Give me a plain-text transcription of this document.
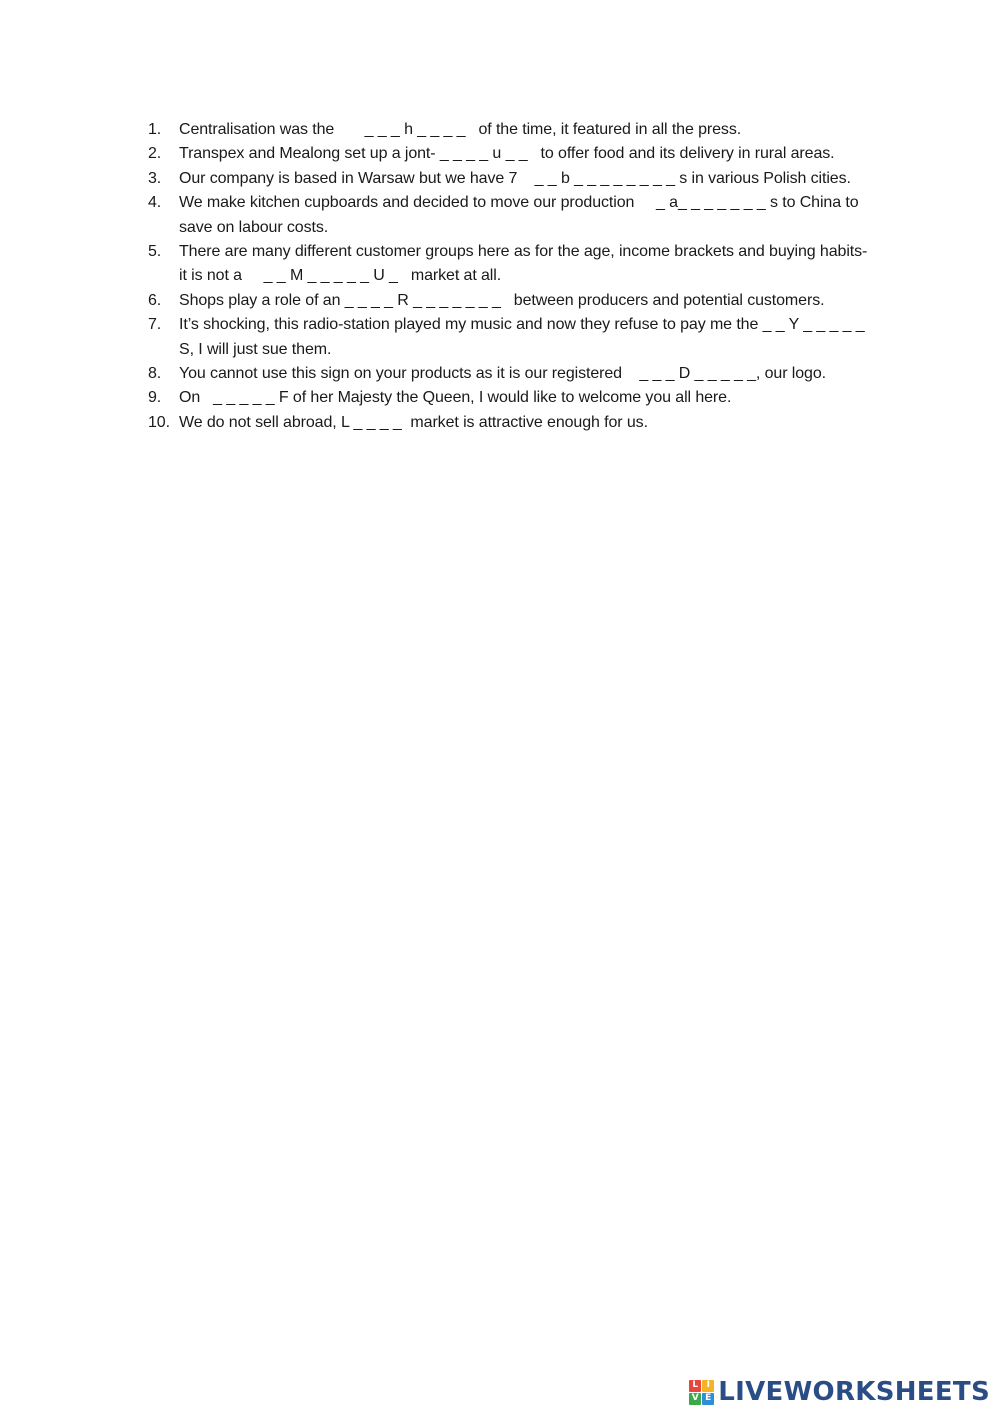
1.	Centralisation was the       _ _ _ h _ _ _ _   of the time, it featured in all the press.
2.	Transpex and Mealong set up a jont- _ _ _ _ u _ _   to offer food and its delivery in rural areas.
3.	Our company is based in Warsaw but we have 7    _ _ b _ _ _ _ _ _ _ _ s in various Polish cities.
4.	We make kitchen cupboards and decided to move our production     _ a_ _ _ _ _ _ _ s to China to save on labour costs.
5.	There are many different customer groups here as for the age, income brackets and buying habits- it is not a     _ _ M _ _ _ _ _ U _   market at all.
6.	Shops play a role of an _ _ _ _ R _ _ _ _ _ _ _   between producers and potential customers.
7.	It’s shocking, this radio-station played my music and now they refuse to pay me the _ _ Y _ _ _ _ _ S, I will just sue them.
8.	You cannot use this sign on your products as it is our registered    _ _ _ D _ _ _ _ _, our logo.
9.	On   _ _ _ _ _ F of her Majesty the Queen, I would like to welcome you all here.
10. We do not sell abroad, L _ _ _ _  market is attractive enough for us.
L I
V E LIVEWORKSHEETS
